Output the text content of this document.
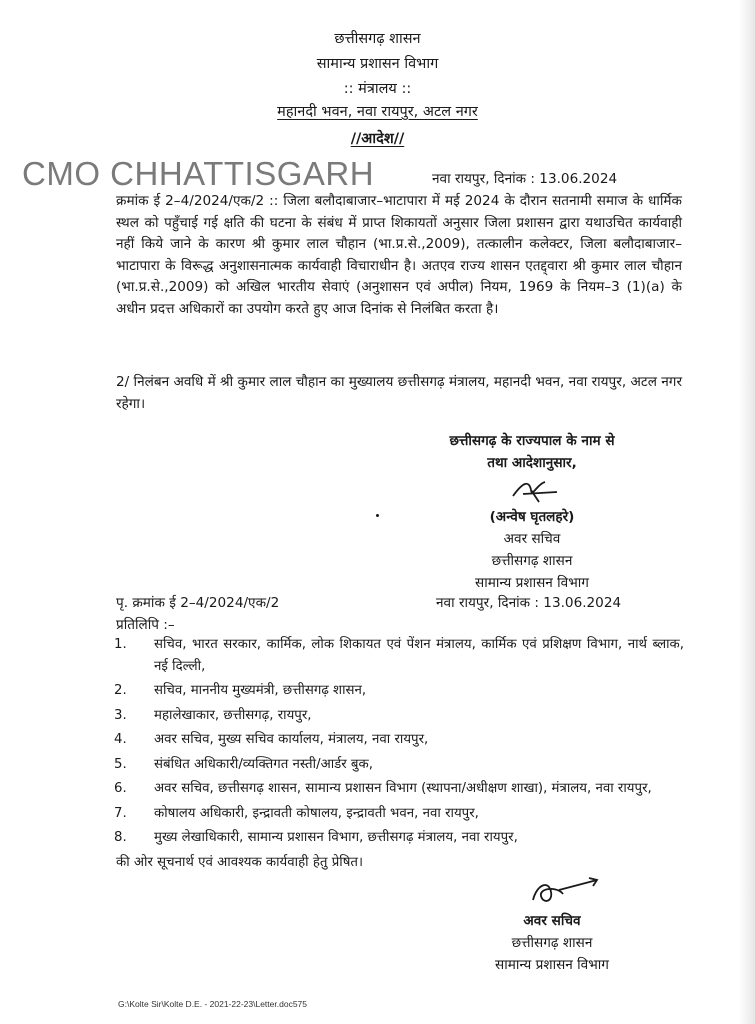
छत्तीसगढ़ शासन
सामान्य प्रशासन विभाग
:: मंत्रालय ::
महानदी भवन, नवा रायपुर, अटल नगर
//आदेश//
CMO CHHATTISGARH	नवा रायपुर, दिनांक : 13.06.2024
क्रमांक ई 2–4/2024/एक/2 :: जिला बलौदाबाजार–भाटापारा में मई 2024 के दौरान सतनामी समाज के धार्मिक स्थल को पहुँचाई गई क्षति की घटना के संबंध में प्राप्त शिकायतों अनुसार जिला प्रशासन द्वारा यथाउचित कार्यवाही नहीं किये जाने के कारण श्री कुमार लाल चौहान (भा.प्र.से.,2009), तत्कालीन कलेक्टर, जिला बलौदाबाजार–भाटापारा के विरूद्ध अनुशासनात्मक कार्यवाही विचाराधीन है। अतएव राज्य शासन एतद्द्वारा श्री कुमार लाल चौहान (भा.प्र.से.,2009) को अखिल भारतीय सेवाएं (अनुशासन एवं अपील) नियम, 1969 के नियम–3 (1)(a) के अधीन प्रदत्त अधिकारों का उपयोग करते हुए आज दिनांक से निलंबित करता है।
2/ निलंबन अवधि में श्री कुमार लाल चौहान का मुख्यालय छत्तीसगढ़ मंत्रालय, महानदी भवन, नवा रायपुर, अटल नगर रहेगा।
छत्तीसगढ़ के राज्यपाल के नाम से
तथा आदेशानुसार,
(अन्वेष घृतलहरे)
अवर सचिव
छत्तीसगढ़ शासन
सामान्य प्रशासन विभाग
पृ. क्रमांक ई 2–4/2024/एक/2	नवा रायपुर, दिनांक : 13.06.2024
प्रतिलिपि :–
1. सचिव, भारत सरकार, कार्मिक, लोक शिकायत एवं पेंशन मंत्रालय, कार्मिक एवं प्रशिक्षण विभाग, नार्थ ब्लाक, नई दिल्ली,
2. सचिव, माननीय मुख्यमंत्री, छत्तीसगढ़ शासन,
3. महालेखाकार, छत्तीसगढ़, रायपुर,
4. अवर सचिव, मुख्य सचिव कार्यालय, मंत्रालय, नवा रायपुर,
5. संबंधित अधिकारी/व्यक्तिगत नस्ती/आर्डर बुक,
6. अवर सचिव, छत्तीसगढ़ शासन, सामान्य प्रशासन विभाग (स्थापना/अधीक्षण शाखा), मंत्रालय, नवा रायपुर,
7. कोषालय अधिकारी, इन्द्रावती कोषालय, इन्द्रावती भवन, नवा रायपुर,
8. मुख्य लेखाधिकारी, सामान्य प्रशासन विभाग, छत्तीसगढ़ मंत्रालय, नवा रायपुर,
की ओर सूचनार्थ एवं आवश्यक कार्यवाही हेतु प्रेषित।
अवर सचिव
छत्तीसगढ़ शासन
सामान्य प्रशासन विभाग
G:\Kolte Sir\Kolte D.E. - 2021-22-23\Letter.doc575
